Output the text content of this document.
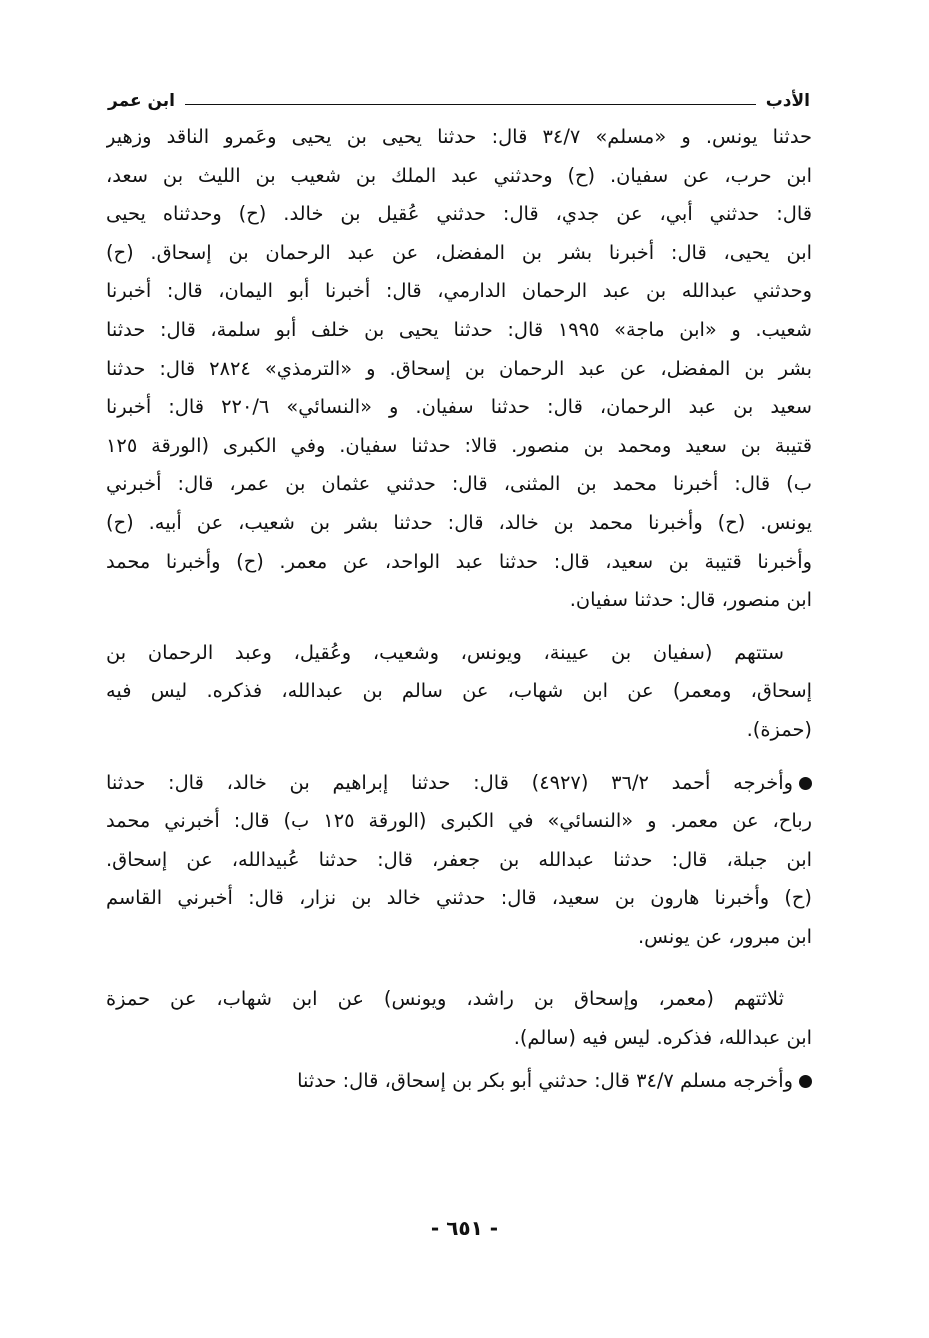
الأدب
ابن عمر
حدثنا يونس. و «مسلم» ٣٤/٧ قال: حدثنا يحيى بن يحيى وعَمرو الناقد وزهير
ابن حرب، عن سفيان. (ح) وحدثني عبد الملك بن شعيب بن الليث بن سعد،
قال: حدثني أبي، عن جدي، قال: حدثني عُقيل بن خالد. (ح) وحدثناه يحيى
ابن يحيى، قال: أخبرنا بشر بن المفضل، عن عبد الرحمان بن إسحاق. (ح)
وحدثني عبدالله بن عبد الرحمان الدارمي، قال: أخبرنا أبو اليمان، قال: أخبرنا
شعيب. و «ابن ماجة» ١٩٩٥ قال: حدثنا يحيى بن خلف أبو سلمة، قال: حدثنا
بشر بن المفضل، عن عبد الرحمان بن إسحاق. و «الترمذي» ٢٨٢٤ قال: حدثنا
سعيد بن عبد الرحمان، قال: حدثنا سفيان. و «النسائي» ٢٢٠/٦ قال: أخبرنا
قتيبة بن سعيد ومحمد بن منصور. قالا: حدثنا سفيان. وفي الكبرى (الورقة ١٢٥
ب) قال: أخبرنا محمد بن المثنى، قال: حدثني عثمان بن عمر، قال: أخبرني
يونس. (ح) وأخبرنا محمد بن خالد، قال: حدثنا بشر بن شعيب، عن أبيه. (ح)
وأخبرنا قتيبة بن سعيد، قال: حدثنا عبد الواحد، عن معمر. (ح) وأخبرنا محمد
ابن منصور، قال: حدثنا سفيان.
ستتهم (سفيان بن عيينة، ويونس، وشعيب، وعُقيل، وعبد الرحمان بن
إسحاق، ومعمر) عن ابن شهاب، عن سالم بن عبدالله، فذكره. ليس فيه
(حمزة).
وأخرجه أحمد ٣٦/٢ (٤٩٢٧) قال: حدثنا إبراهيم بن خالد، قال: حدثنا
رباح، عن معمر. و «النسائي» في الكبرى (الورقة ١٢٥ ب) قال: أخبرني محمد
ابن جبلة، قال: حدثنا عبدالله بن جعفر، قال: حدثنا عُبيدالله، عن إسحاق.
(ح) وأخبرنا هارون بن سعيد، قال: حدثني خالد بن نزار، قال: أخبرني القاسم
ابن مبرور، عن يونس.
ثلاثتهم (معمر، وإسحاق بن راشد، ويونس) عن ابن شهاب، عن حمزة
ابن عبدالله، فذكره. ليس فيه (سالم).
وأخرجه مسلم ٣٤/٧ قال: حدثني أبو بكر بن إسحاق، قال: حدثنا
- ٦٥١ -
